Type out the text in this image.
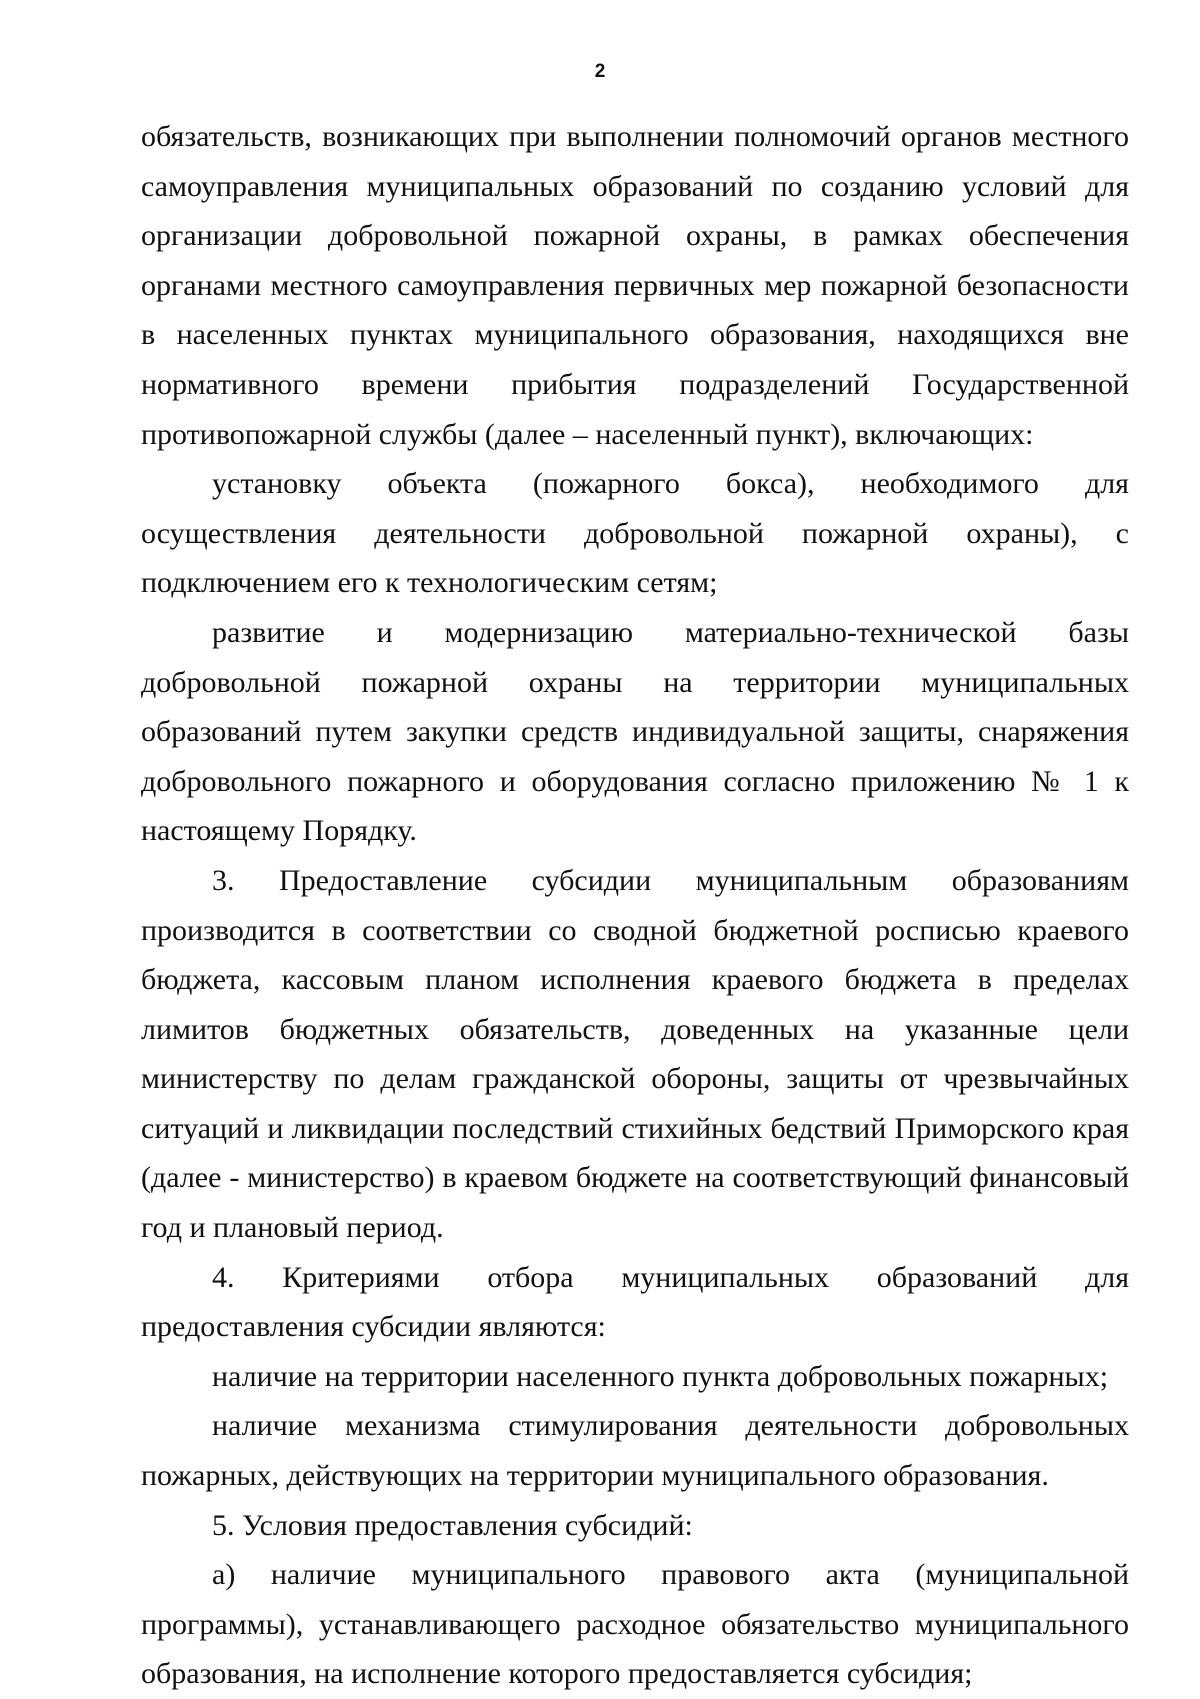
2

обязательств, возникающих при выполнении полномочий органов местного самоуправления муниципальных образований по созданию условий для организации добровольной пожарной охраны, в рамках обеспечения органами местного самоуправления первичных мер пожарной безопасности в населенных пунктах муниципального образования, находящихся вне нормативного времени прибытия подразделений Государственной противопожарной службы (далее – населенный пункт), включающих:

установку объекта (пожарного бокса), необходимого для осуществления деятельности добровольной пожарной охраны), с подключением его к технологическим сетям;

развитие и модернизацию материально-технической базы добровольной пожарной охраны на территории муниципальных образований путем закупки средств индивидуальной защиты, снаряжения добровольного пожарного и оборудования согласно приложению № 1 к настоящему Порядку.

3. Предоставление субсидии муниципальным образованиям производится в соответствии со сводной бюджетной росписью краевого бюджета, кассовым планом исполнения краевого бюджета в пределах лимитов бюджетных обязательств, доведенных на указанные цели министерству по делам гражданской обороны, защиты от чрезвычайных ситуаций и ликвидации последствий стихийных бедствий Приморского края (далее - министерство) в краевом бюджете на соответствующий финансовый год и плановый период.

4. Критериями отбора муниципальных образований для предоставления субсидии являются:

наличие на территории населенного пункта добровольных пожарных;

наличие механизма стимулирования деятельности добровольных пожарных, действующих на территории муниципального образования.

5. Условия предоставления субсидий:

а) наличие муниципального правового акта (муниципальной программы), устанавливающего расходное обязательство муниципального образования, на исполнение которого предоставляется субсидия;
